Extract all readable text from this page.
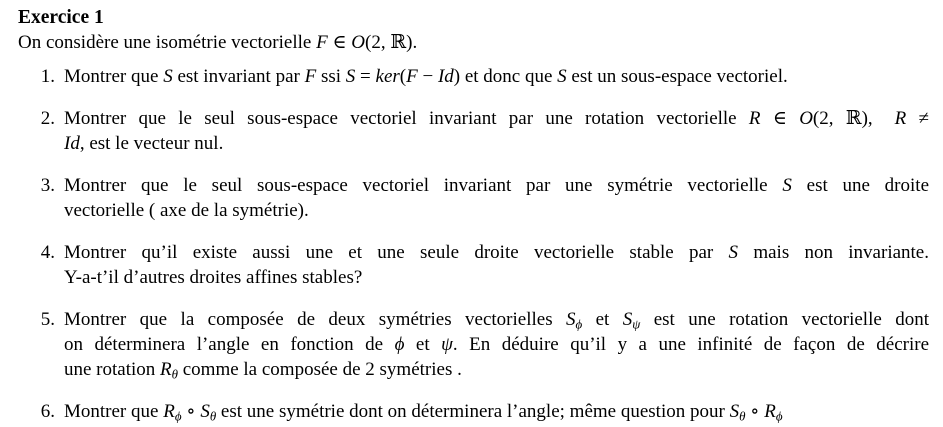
Exercice 1
On considère une isométrie vectorielle F ∈ O(2, ℝ).
1. Montrer que S est invariant par F ssi S = ker(F − Id) et donc que S est un sous-espace vectoriel.
2. Montrer que le seul sous-espace vectoriel invariant par une rotation vectorielle R ∈ O(2, ℝ), R ≠
Id, est le vecteur nul.
3. Montrer que le seul sous-espace vectoriel invariant par une symétrie vectorielle S est une droite
vectorielle ( axe de la symétrie).
4. Montrer qu’il existe aussi une et une seule droite vectorielle stable par S mais non invariante.
Y-a-t’il d’autres droites affines stables?
5. Montrer que la composée de deux symétries vectorielles Sϕ et Sψ est une rotation vectorielle dont
on déterminera l’angle en fonction de ϕ et ψ. En déduire qu’il y a une infinité de façon de décrire
une rotation Rθ comme la composée de 2 symétries .
6. Montrer que Rϕ ∘ Sθ est une symétrie dont on déterminera l’angle; même question pour Sθ ∘ Rϕ
